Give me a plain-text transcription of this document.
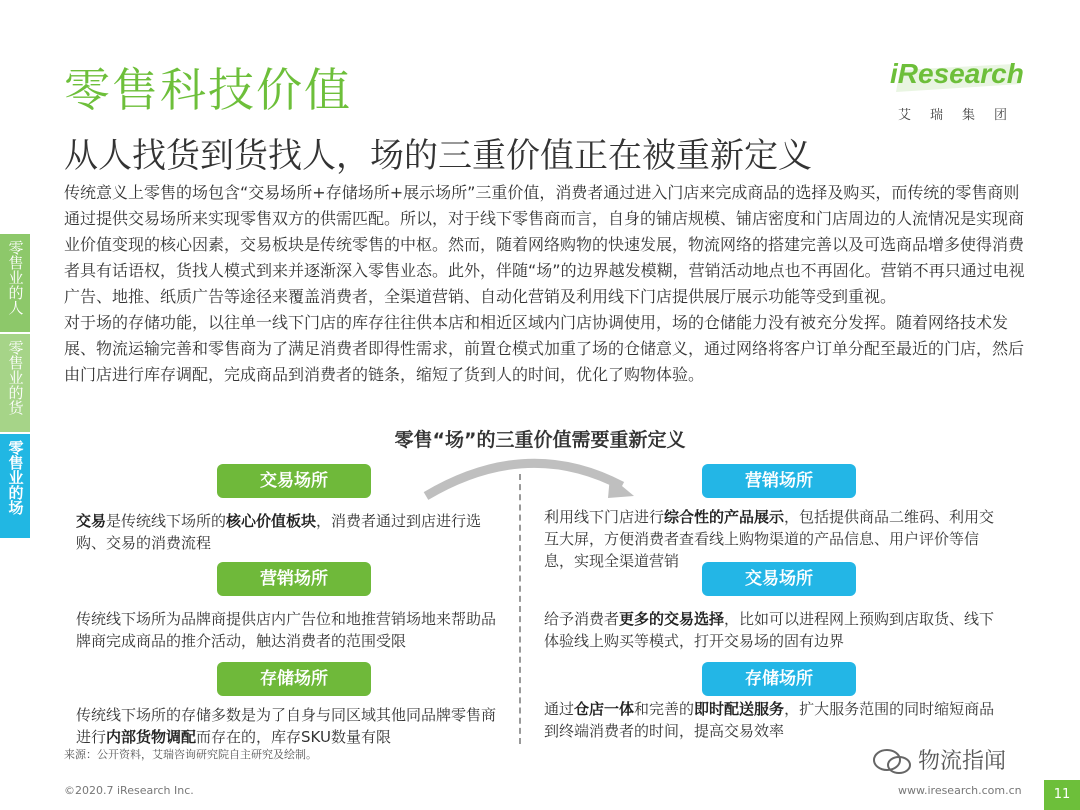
零售科技价值
从人找货到货找人，场的三重价值正在被重新定义
iResearch
艾瑞集团

传统意义上零售的场包含“交易场所+存储场所+展示场所”三重价值，消费者通过进入门店来完成商品的选择及购买，而传统的零售商则通过提供交易场所来实现零售双方的供需匹配。所以，对于线下零售商而言，自身的铺店规模、铺店密度和门店周边的人流情况是实现商业价值变现的核心因素，交易板块是传统零售的中枢。然而，随着网络购物的快速发展，物流网络的搭建完善以及可选商品增多使得消费者具有话语权，货找人模式到来并逐渐深入零售业态。此外，伴随“场”的边界越发模糊，营销活动地点也不再固化。营销不再只通过电视广告、地推、纸质广告等途径来覆盖消费者，全渠道营销、自动化营销及利用线下门店提供展厅展示功能等受到重视。

对于场的存储功能，以往单一线下门店的库存往往供本店和相近区域内门店协调使用，场的仓储能力没有被充分发挥。随着网络技术发展、物流运输完善和零售商为了满足消费者即得性需求，前置仓模式加重了场的仓储意义，通过网络将客户订单分配至最近的门店，然后由门店进行库存调配，完成商品到消费者的链条，缩短了货到人的时间，优化了购物体验。

零售业的人
零售业的货
零售业的场	零售“场”的三重价值需要重新定义
交易场所
交易是传统线下场所的核心价值板块，消费者通过到店进行选购、交易的消费流程
营销场所
传统线下场所为品牌商提供店内广告位和地推营销场地来帮助品牌商完成商品的推介活动，触达消费者的范围受限
存储场所
传统线下场所的存储多数是为了自身与同区域其他同品牌零售商进行内部货物调配而存在的，库存SKU数量有限
营销场所
利用线下门店进行综合性的产品展示，包括提供商品二维码、利用交互大屏，方便消费者查看线上购物渠道的产品信息、用户评价等信息，实现全渠道营销
交易场所
给予消费者更多的交易选择，比如可以进程网上预购到店取货、线下体验线上购买等模式，打开交易场的固有边界
存储场所
通过仓店一体和完善的即时配送服务，扩大服务范围的同时缩短商品到终端消费者的时间，提高交易效率
来源：公开资料，艾瑞咨询研究院自主研究及绘制。
©2020.7 iResearch Inc.
物流指闻
www.iresearch.com.cn	11
